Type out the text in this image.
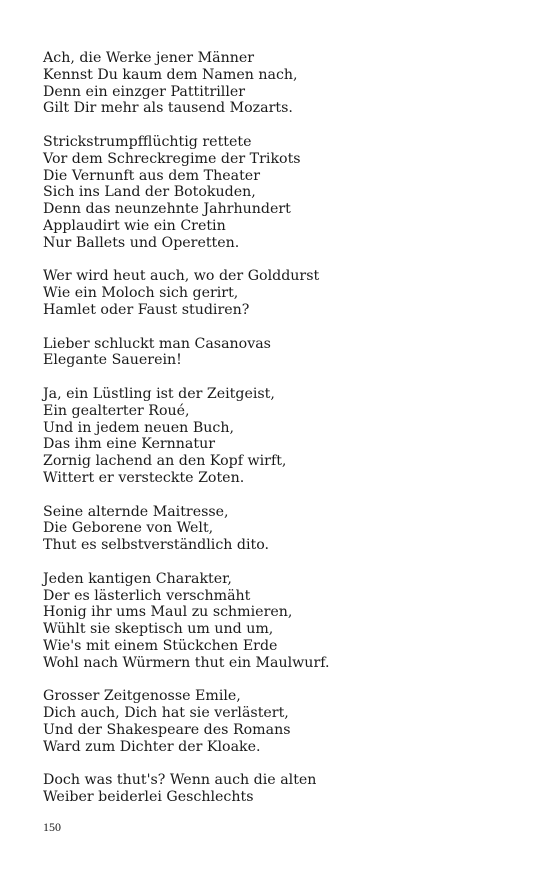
Ach, die Werke jener Männer
Kennst Du kaum dem Namen nach,
Denn ein einzger Pattitriller
Gilt Dir mehr als tausend Mozarts.
Strickstrumpfflüchtig rettete
Vor dem Schreckregime der Trikots
Die Vernunft aus dem Theater
Sich ins Land der Botokuden,
Denn das neunzehnte Jahrhundert
Applaudirt wie ein Cretin
Nur Ballets und Operetten.
Wer wird heut auch, wo der Golddurst
Wie ein Moloch sich gerirt,
Hamlet oder Faust studiren?
Lieber schluckt man Casanovas
Elegante Sauerein!
Ja, ein Lüstling ist der Zeitgeist,
Ein gealterter Roué,
Und in jedem neuen Buch,
Das ihm eine Kernnatur
Zornig lachend an den Kopf wirft,
Wittert er versteckte Zoten.
Seine alternde Maitresse,
Die Geborene von Welt,
Thut es selbstverständlich dito.
Jeden kantigen Charakter,
Der es lästerlich verschmäht
Honig ihr ums Maul zu schmieren,
Wühlt sie skeptisch um und um,
Wie's mit einem Stückchen Erde
Wohl nach Würmern thut ein Maulwurf.
Grosser Zeitgenosse Emile,
Dich auch, Dich hat sie verlästert,
Und der Shakespeare des Romans
Ward zum Dichter der Kloake.
Doch was thut's? Wenn auch die alten
Weiber beiderlei Geschlechts
150
